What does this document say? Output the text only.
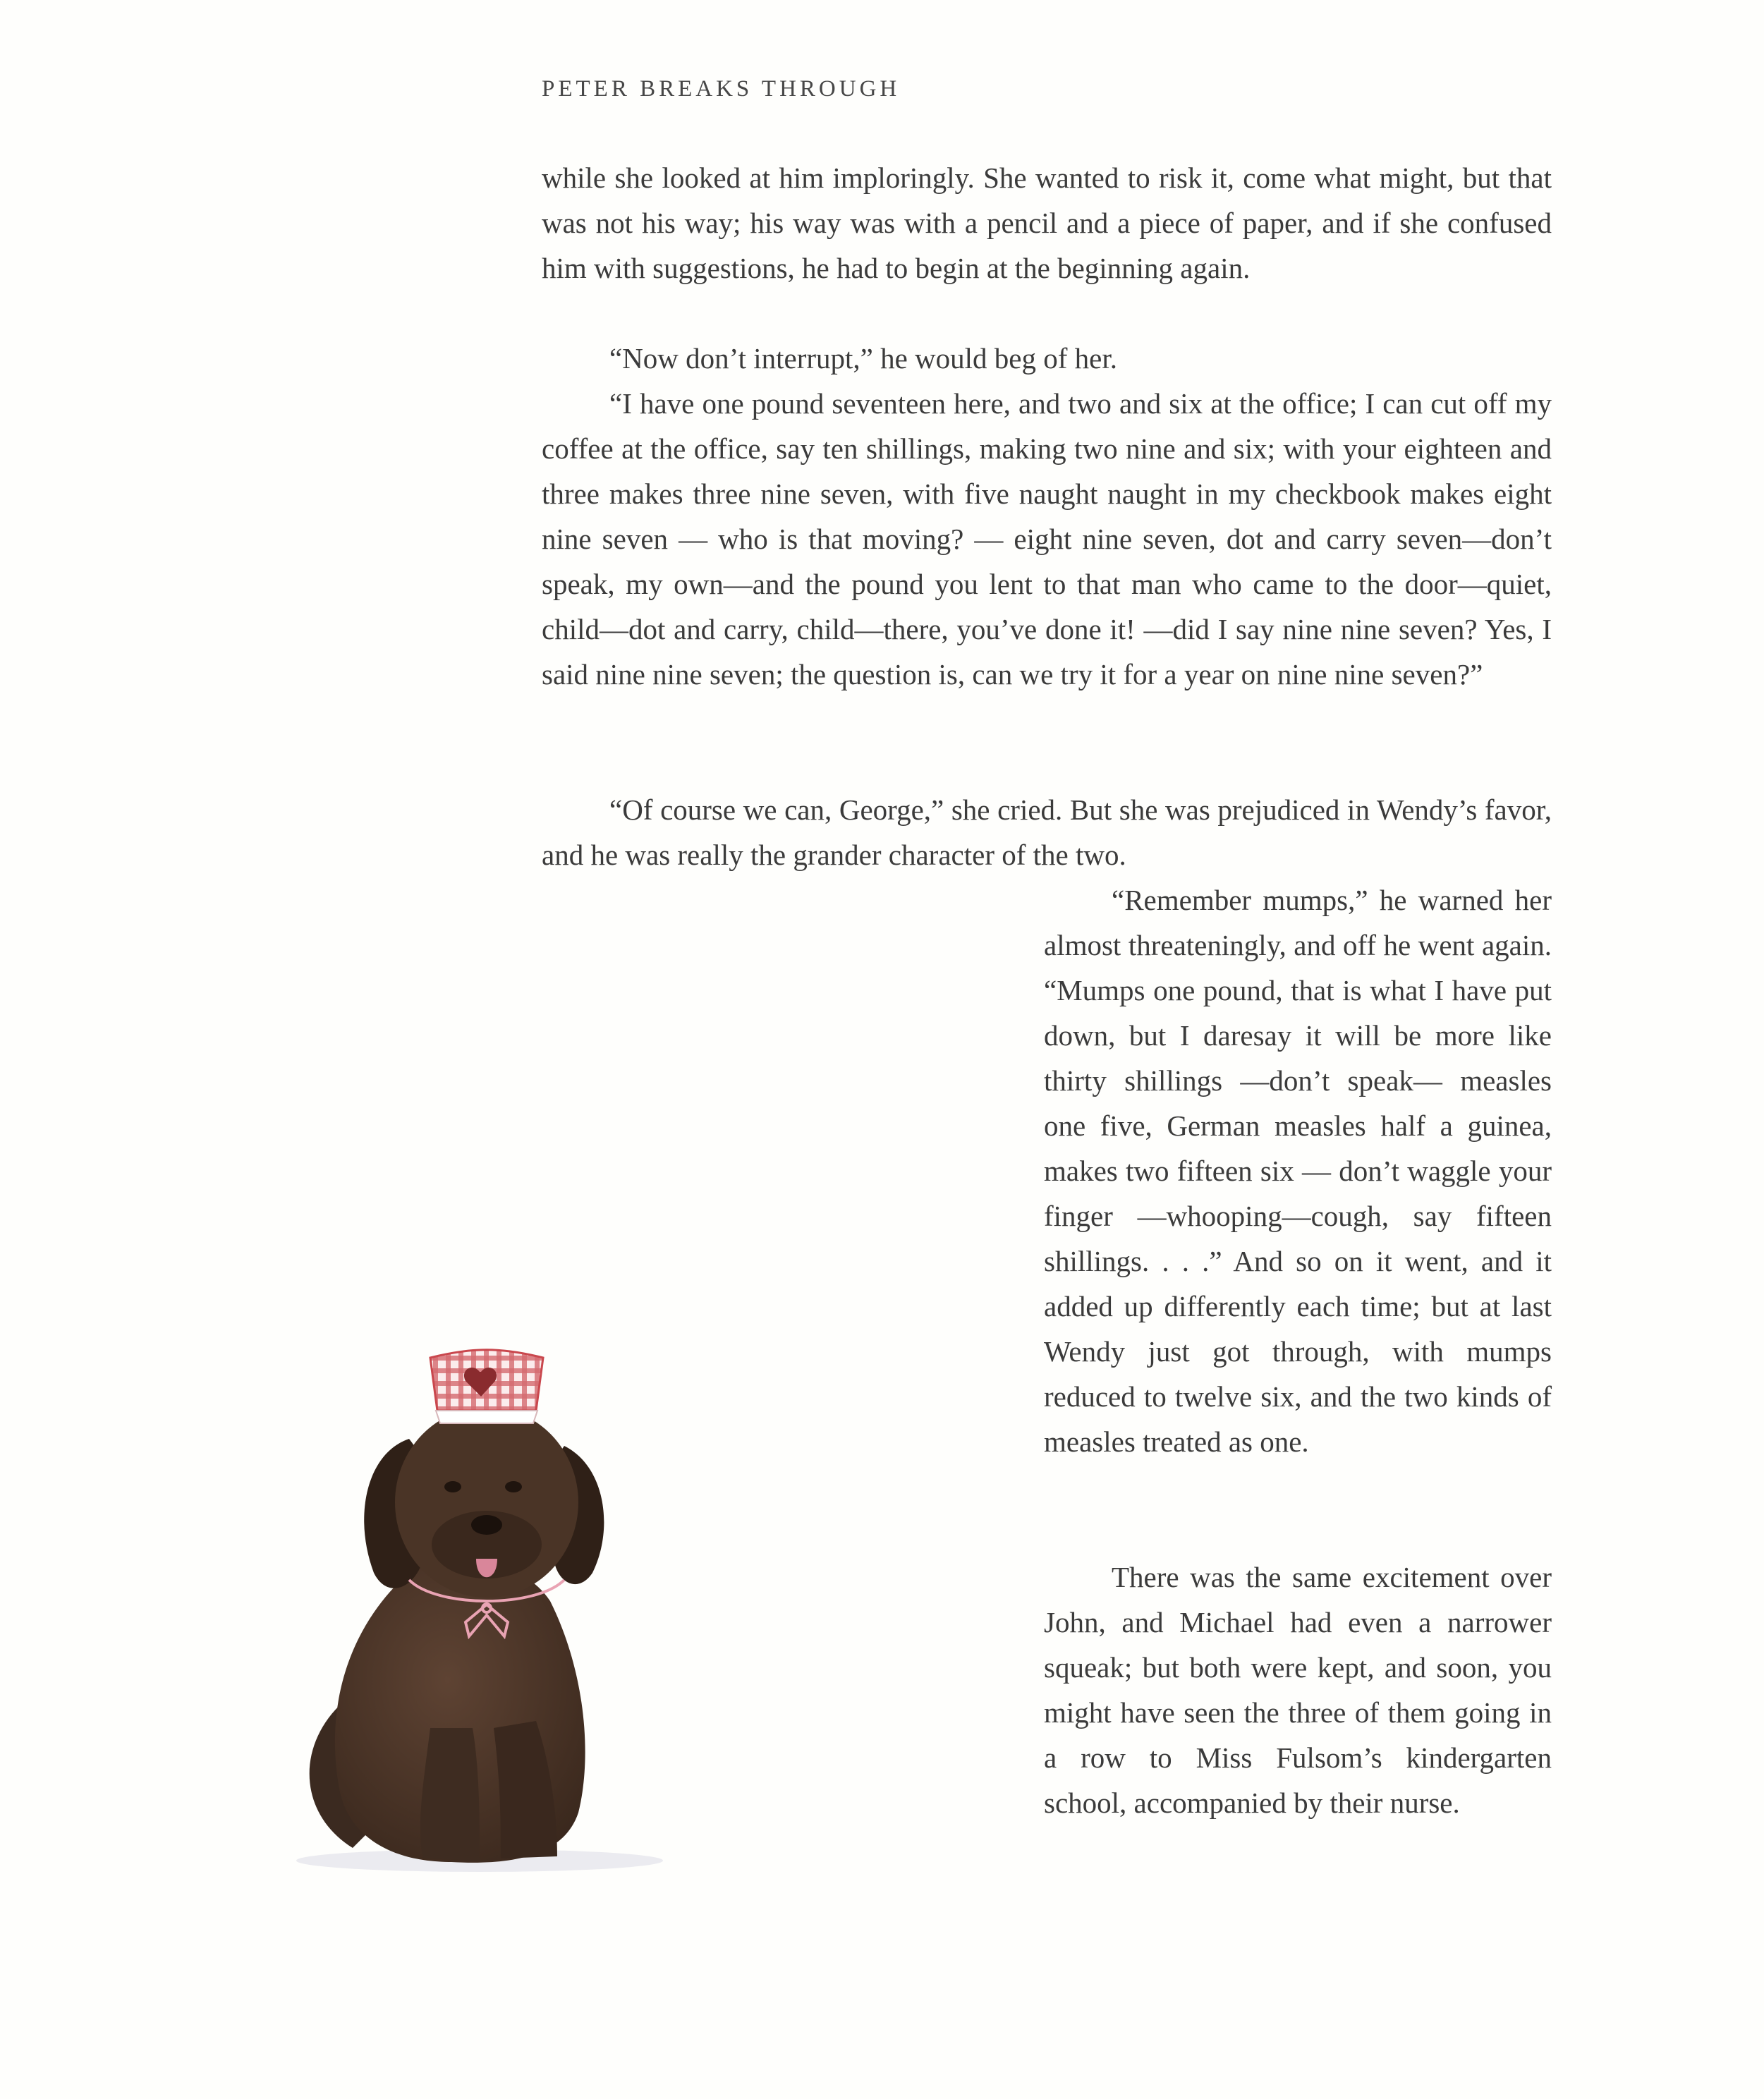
PETER BREAKS THROUGH

while she looked at him imploringly. She wanted to risk it, come what might, but that was not his way; his way was with a pencil and a piece of paper, and if she confused him with suggestions, he had to begin at the beginning again.

“Now don’t interrupt,” he would beg of her.

“I have one pound seventeen here, and two and six at the office; I can cut off my coffee at the office, say ten shillings, making two nine and six; with your eighteen and three makes three nine seven, with five naught naught in my checkbook makes eight nine seven — who is that moving? — eight nine seven, dot and carry seven—don’t speak, my own—and the pound you lent to that man who came to the door—quiet, child—dot and carry, child—there, you’ve done it! —did I say nine nine seven? Yes, I said nine nine seven; the question is, can we try it for a year on nine nine seven?”

“Of course we can, George,” she cried. But she was prejudiced in Wendy’s favor, and he was really the grander character of the two.

“Remember mumps,” he warned her almost threateningly, and off he went again. “Mumps one pound, that is what I have put down, but I daresay it will be more like thirty shillings —don’t speak— measles one five, German measles half a guinea, makes two fifteen six — don’t waggle your finger —whooping—cough, say fifteen shillings. . . .” And so on it went, and it added up differently each time; but at last Wendy just got through, with mumps reduced to twelve six, and the two kinds of measles treated as one.

There was the same excitement over John, and Michael had even a narrower squeak; but both were kept, and soon, you might have seen the three of them going in a row to Miss Fulsom’s kindergarten school, accompanied by their nurse.
